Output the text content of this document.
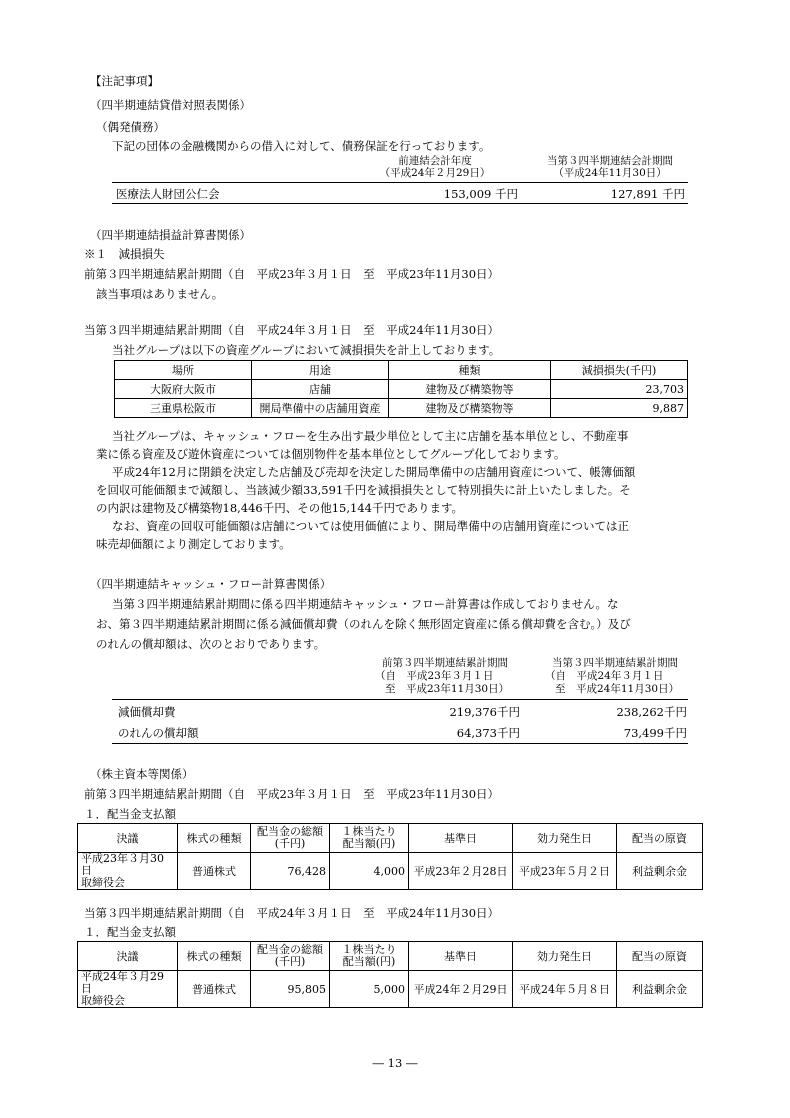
【注記事項】
（四半期連結貸借対照表関係）
（偶発債務）
下記の団体の金融機関からの借入に対して、債務保証を行っております。
前連結会計年度
（平成24年２月29日）
当第３四半期連結会計期間
（平成24年11月30日）
医療法人財団公仁会	153,009 千円	127,891 千円
（四半期連結損益計算書関係）
※１　減損損失
前第３四半期連結累計期間（自　平成23年３月１日　至　平成23年11月30日）
該当事項はありません。
当第３四半期連結累計期間（自　平成24年３月１日　至　平成24年11月30日）
当社グループは以下の資産グループにおいて減損損失を計上しております。
場所	用途	種類	減損損失(千円)
大阪府大阪市	店舗	建物及び構築物等	23,703
三重県松阪市	開局準備中の店舗用資産	建物及び構築物等	9,887
当社グループは、キャッシュ・フローを生み出す最少単位として主に店舗を基本単位とし、不動産事
業に係る資産及び遊休資産については個別物件を基本単位としてグループ化しております。
平成24年12月に閉鎖を決定した店舗及び売却を決定した開局準備中の店舗用資産について、帳簿価額
を回収可能価額まで減額し、当該減少額33,591千円を減損損失として特別損失に計上いたしました。そ
の内訳は建物及び構築物18,446千円、その他15,144千円であります。
なお、資産の回収可能価額は店舗については使用価値により、開局準備中の店舗用資産については正
味売却価額により測定しております。
（四半期連結キャッシュ・フロー計算書関係）
当第３四半期連結累計期間に係る四半期連結キャッシュ・フロー計算書は作成しておりません。な
お、第３四半期連結累計期間に係る減価償却費（のれんを除く無形固定資産に係る償却費を含む。）及び
のれんの償却額は、次のとおりであります。
前第３四半期連結累計期間
（自　平成23年３月１日
至　平成23年11月30日）
当第３四半期連結累計期間
（自　平成24年３月１日
至　平成24年11月30日）
減価償却費	219,376千円	238,262千円
のれんの償却額	64,373千円	73,499千円
（株主資本等関係）
前第３四半期連結累計期間（自　平成23年３月１日　至　平成23年11月30日）
１．配当金支払額
決議	株式の種類	配当金の総額
(千円)	１株当たり
配当額(円)	基準日	効力発生日	配当の原資
平成23年３月30日
取締役会	普通株式	76,428	4,000	平成23年２月28日	平成23年５月２日	利益剰余金
当第３四半期連結累計期間（自　平成24年３月１日　至　平成24年11月30日）
１．配当金支払額
決議	株式の種類	配当金の総額
(千円)	１株当たり
配当額(円)	基準日	効力発生日	配当の原資
平成24年３月29日
取締役会	普通株式	95,805	5,000	平成24年２月29日	平成24年５月８日	利益剰余金
― 13 ―
